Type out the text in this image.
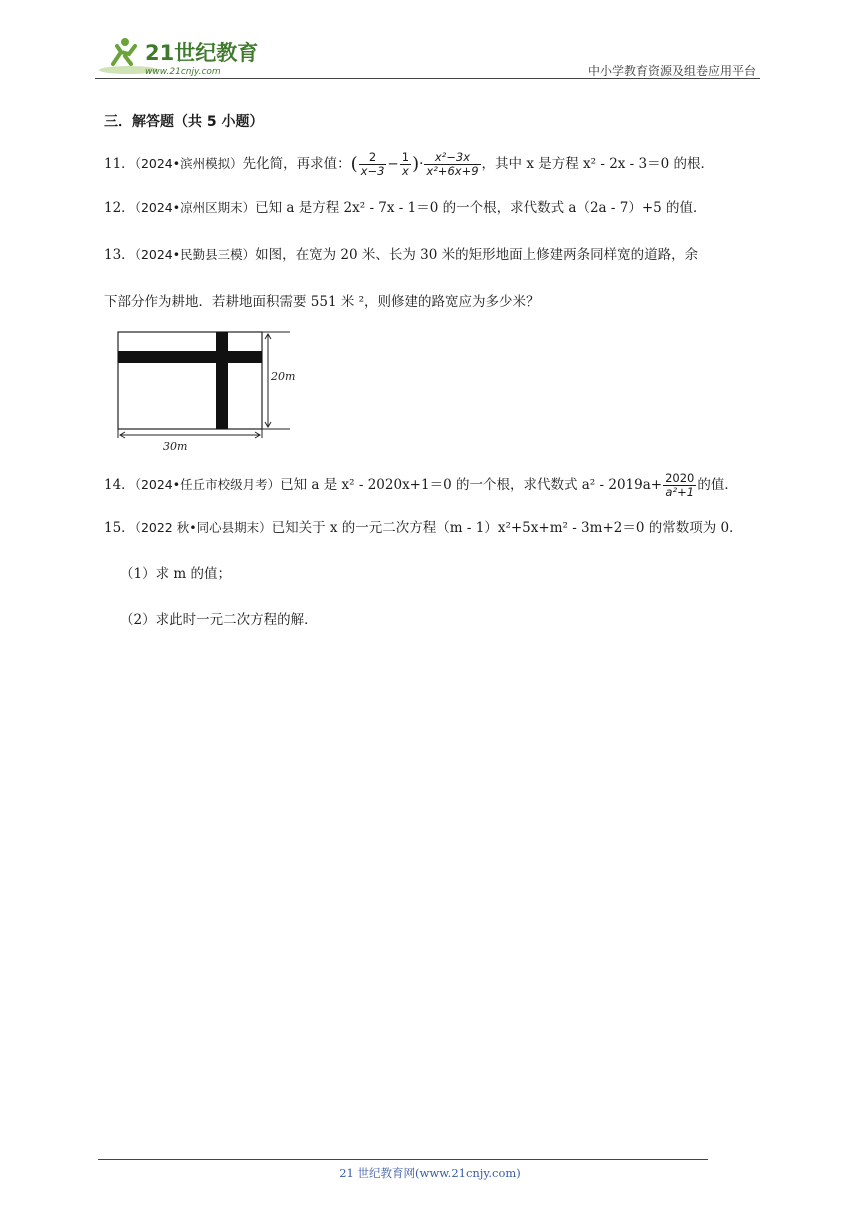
21世纪教育
www.21cnjy.com	中小学教育资源及组卷应用平台
三．解答题（共 5 小题）
11．（2024•滨州模拟）先化简，再求值：( $\frac{2}{x-3} - \frac{1}{x}$ )· $\frac{\text{x²−3x}}{\text{x²+6x+9}}$ ，其中 x 是方程 x² ‑ 2x ‑ 3＝0 的根．
12．（2024•凉州区期末）已知 a 是方程 2x² ‑ 7x ‑ 1＝0 的一个根，求代数式 a（2a ‑ 7）+5 的值．
13．（2024•民勤县三模）如图，在宽为 20 米、长为 30 米的矩形地面上修建两条同样宽的道路，余
下部分作为耕地．若耕地面积需要 551 米 ²，则修建的路宽应为多少米？
20m
30m
14．（2024•任丘市校级月考）已知 a 是 x² ‑ 2020x+1＝0 的一个根，求代数式 a² ‑ $2019a+ \frac{2020}{\text{a²+1}}$ 的值．
15．（2022 秋•同心县期末）已知关于 x 的一元二次方程（m ‑ 1）x²+5x+m² ‑ 3m+2＝0 的常数项为 0．
（1）求 m 的值；
（2）求此时一元二次方程的解．
21 世纪教育网(www.21cnjy.com)
